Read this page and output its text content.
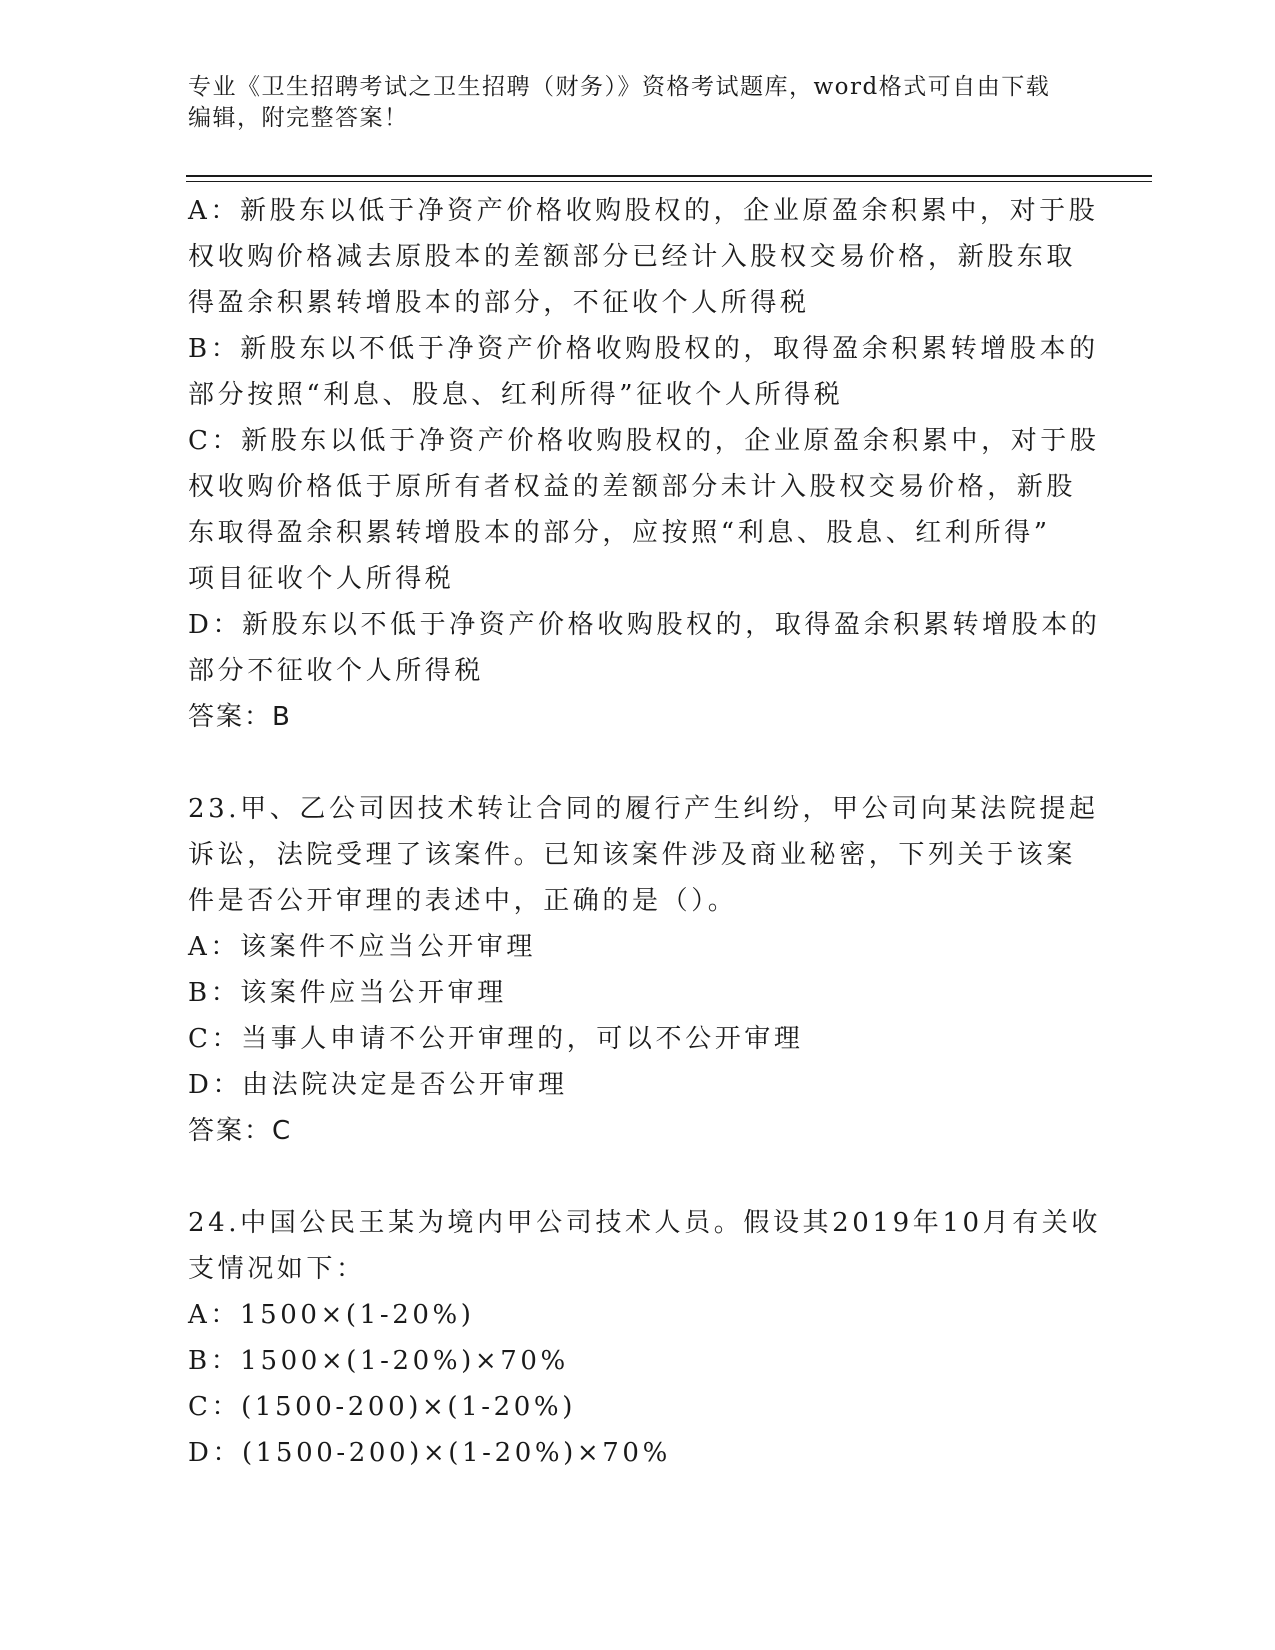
专业《卫生招聘考试之卫生招聘（财务）》资格考试题库，word格式可自由下载
编辑，附完整答案！
A：新股东以低于净资产价格收购股权的，企业原盈余积累中，对于股
权收购价格减去原股本的差额部分已经计入股权交易价格，新股东取
得盈余积累转增股本的部分，不征收个人所得税
B：新股东以不低于净资产价格收购股权的，取得盈余积累转增股本的
部分按照“利息、股息、红利所得”征收个人所得税
C：新股东以低于净资产价格收购股权的，企业原盈余积累中，对于股
权收购价格低于原所有者权益的差额部分未计入股权交易价格，新股
东取得盈余积累转增股本的部分，应按照“利息、股息、红利所得”
项目征收个人所得税
D：新股东以不低于净资产价格收购股权的，取得盈余积累转增股本的
部分不征收个人所得税
答案：B
23.甲、乙公司因技术转让合同的履行产生纠纷，甲公司向某法院提起
诉讼，法院受理了该案件。已知该案件涉及商业秘密，下列关于该案
件是否公开审理的表述中，正确的是（）。
A：该案件不应当公开审理
B：该案件应当公开审理
C：当事人申请不公开审理的，可以不公开审理
D：由法院决定是否公开审理
答案：C
24.中国公民王某为境内甲公司技术人员。假设其2019年10月有关收
支情况如下：
A：1500×(1-20%)
B：1500×(1-20%)×70%
C：(1500-200)×(1-20%)
D：(1500-200)×(1-20%)×70%
